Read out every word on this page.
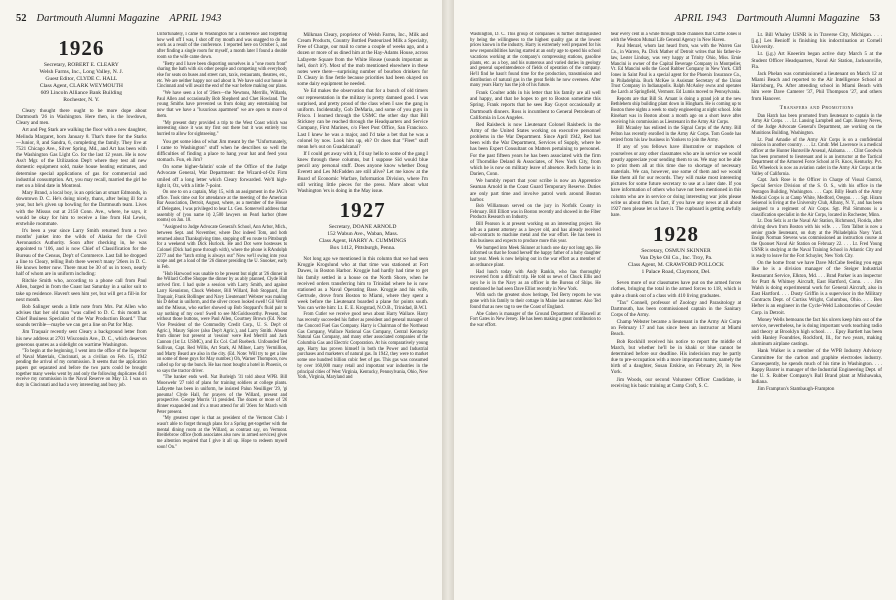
52 Dartmouth Alumni Magazine APRIL 1943
1926
Secretary, ROBERT E. CLEARY
Welsh Farms, Inc., Long Valley, N. J.
Guest Editor, CLYDE C. HALL
Class Agent, CLARK WEYMOUTH
609 Lincoln Alliance Bank Building
Rochester, N. Y.

Cleary thought there ought to be more dope about Dartmouth '26 in Washington. Here then, is the lowdown, Cleary and men.

Art and Peg Stark are walking the floor with a new daughter, Melinda Margaret, born January 8. That's three for the Starks —Junior, 8, and Sandra, 6, completing the family. They live at 7521 Chicago Ave., Silver Spring, Md., and Art has been with the Washington Gas Light Co. for the last 12 years. He is now Ass't Mgr. of the Utilization Dep't where they test all new domestic equipment sold, make house heating estimates, and determine special applications of gas for commercial and industrial consumption. Art, you may recall, married the girl he met on a blind date in Montreal.

Mary Brand, a local boy, is an optician at smart Edmonds, in downtown D. C. He's doing nicely, thanx, after being ill for a year, but he's given up bowling for the Dartmouth team. Lives with the Missus out at 2150 Conn. Ave., where, he says, it would be okay for him to receive a line from Hal Lewis, erstwhile roommate.

It's been a year since Larry Smith returned from a two months' junket into the wilds of Alaska for the Civil Aeronautics Authority. Soon after checking in, he was appointed to '106, and is now Chief of Classification for the Bureau of the Census, Dep't of Commerce. Last fall he dropped a line to Cleary, telling Bob there weren't many '26ers in D. C. He knows better now. There must be 30 of us in town, nearly half of whom are in uniform including:

Ritchie Smith who, according to a phone call from Paul Allen, barged in from the Coast last Saturday in a sailor suit to take up residence. Haven't seen him yet, but will get a fill-in for next month.

Bob Salinger sends a little note from Mrs. Pat Allen who advises that her old man "was called to D. C. this month as Chief Business Specialist of the War Production Board." That sounds terrible—maybe we can get a line on Pat for May.

Jim Traquair recently sent Cleary a background letter from his new address at 2701 Wisconsin Ave., D. C., which deserves generous quotes as a sidelight on wartime Washington.

"To begin at the beginning, I went into the office of the Inspector of Naval Materials, Cincinnati, as a civilian on Feb. 15, 1942 pending the arrival of my commission. It seems that the application papers got separated and before the two parts could be brought together many weeks went by and only the following duplicates did I receive my commission in the Naval Reserve on May 13. I was on duty in Cincinnati and had a very interesting and busy job.

Unfortunately, I came to Washington for a conference and forgetting how well off I was, I shot off my mouth and was snagged to do the work as a result of the conference. I reported here on October 5, and after finding a single room for myself, a month later I found a double room so the wife came down.

"Betty and I have been disporting ourselves in a "one room front" sharing the bath with six other people and competing with everybody else for seats on buses and street cars, taxis, restaurants, theatres, etc., etc. We are neither happy nor sad about it. We have sold our house in Cincinnati and will await the end of the war before making our plans.

"We have seen a lot of '26ers—the Newtons, Merrills, Willards, Paul Allen and occasionally Bob Shepherd and Chet Howland. The young Smiths have prevented us from doing any entertaining but now that we have a "luxurious apartment" we are open to more of them.

"My present duty provided a trip to the West Coast which was interesting since it was my first out there but it was entirely too hurried to allow for sightseeing."

You get some idea of what Jim meant by the "Unfortunately, I came to Washington" stuff when he describes so well the difficulties of finding a place to hang your hat and feed your stomach. Fun, eh Jim?

On some higher-falutin' scale of the Office of the Judge Advocate General, War Department: the Wizard-of-Oz Firm smiled off a long letter which Cleary forwarded. We'll high-light it, Oz, with a little 7-point.

On one to on a captain, May 15, with an assignment in the JAG's office. Took time out for attendance at the meeting of the American Bar Association, Detroit, August, where, as a member of the House of Delegates, I was privileged to hear Lt. Gen. Somervell address that assembly of (you name it) 2,500 lawyers on Pearl harbor (three rooms) on Jan. 18.

"Assigned to Judge Advocate General's School, Ann Arbor, Mich., between Sept. and November, where Doc indeed Tom, and both returned about Thanksgiving time, stopping off en route to Pittsburgh for a weekend with Dick Hurlock. He and Dot were hostesses to Colonel (Dick had gone through with), where the phone is RAndolph 2277 and the "latch string is always out" Now we'll swing into your scope and get a load of the '26 dinner presiding the U. Snooker, early in Feb.

"Hub Harwood was unable to be present but night at '26 dinner in the Willard Coffee Shoppe the dinner by as ably planned, Clyde Hall arrived first. I had quite a session with Larry Smith, and against Larry Kenniston, Chuck Webster, Bill Willard, Bob Stoppard, Jim Traquair, Frank Bollinger and Navy Lieutenant! Webster was making his D debut in uniform, and the silver crown looked swell! Gil Verrill and the Missus, who earlier showed up Bob Stoppard's fluid pair to say nothing of my own! Swell to see McGoldsworthy. Present, but without those buttons, were Paul Allen, Courtney Brown (Ed. Note: Vice President of the Commodity Credit Corp., U. S. Dep't of Agric.), Maury Spicer (also Dep't Agric.), and Larry Smith. Absent from dinner but present at 'cession' were Red Merrill and Jack Cannon (1st Lt. USMC), and Ex Col. Carl Ruebeck. Unfounded Ted Sullivan, Capt. Red Willis, Art Stark, Al Milner, Larry Vermillion, and Marty Beard are also in the city. (Ed. Note: Will try to get a line on some of these guys for May number.) Oh, Warner Thompson, now called up for up the bunch. He has most bought a hotel in Phoenix, or so says the tractor driver.

"The banker ends well. Nat Burleigh '31 told about WPB. Bill Mooswehr '27 told of plans for training soldiers at college plants. Lafayette has been in uniform, he insisted Palun Neuilliger '29, 'gi pneuma! Clyde Hall, for prayers of the Willard, present and prospective. George Morris '11 presided. The dozen or more of '26 dinner exapanded and it's a must attend for all '26ers for March with Peter present.

"My greatest raper is that as president of the Vermont Club I wasn't able to forget through plans for a Spring get-together with the mental dining room at the Willard, as contrast say, on Vermont. Breitlebrow office (both associates also now in armed services) gives me altention required that I give it all up. Hope to redeem myself soon! On."

Milkman Cleary, proprietor of Welsh Farms, Inc., Milk and Cream Products, Country Bottled Pasteurized Milk a Specialty, Free of Charge, our mail to come a couple of weeks ago, and a dozen or more of us dined him at the Hay-Adams House, across Lafayette Square from the White House (sounds important as hell, don't it?). Most of the mob mentioned elsewhere in these notes were there—surprising number of bourbon drinkers for D. Cleary in fine fettle because priorities had been okayed on some dairy equipment he needed.

Ye Ed makes the observation that for a bunch of old timers our representation in the military is pretty damned good. I was surprised, and pretty proud of the class when I saw the gang in uniform. Incidentally, Gob DeMaria, and some of you guys in Frisco. I learned through the USMC the other day that Bill Stickney can be reached through the Headquarters and Service Company, First Marines, c/o Fleet Post Office, San Francisco. Last I knew he was a major, and I'd take a bet that he was a colonel by now. Look him up, eh? Or does that "Fleet" stuff mean he's out on Guadalcanal?

If I could get away with it, I'd say hello to some of the gang I knew through these columns, but I suppose Sid would blue pencil any personal stuff. Does anyone know whether Doug Everett and Les McFadden are still alive? Let me know at the Board of Economic Warfare, Information Division, where I'm still writing little pieces for the press. More about what Washington 'ers is doing in the May issue.

1927
Secretary, DOANE ARNOLD
152 Wabun Ave., Waban, Mass.
Class Agent, HARRY A. CUMMINGS
Box 1412, Pittsburgh, Penna.

Not long ago we mentioned in this column that we had seen Kroggie Krogslund who at that time was stationed at Fort Dawes, in Boston Harbor. Kroggie had hardly had time to get his family settled in a house on the North Shore, when he received orders transferring him to Trinidad where he is now stationed as a Naval Operating Base. Kroggie and his wife, Gertrude, drove from Boston to Miami, where they spent a week before the Lieutenant boarded a plane for points south. You can write him: Lt. E. E. Krogstad, N.O.B., Trinidad, B.W.I.

From Cutler we receive good news about Harry Wallace. Harry has recently succeeded his father as president and general manager of the Concord Fuel Gas Company. Harry is Chairman of the Northeast Gas Company, Wallace National Gas Company, Central Kentucky Natural Gas Company, and many other associated companies of the Columbia Gas and Electric Corporation. At his comparatively young age, Harry has proven himself in both the Power and Industrial purchases and marketers of natural gas. In 1942, they were to market some one hundred billion cubic feet of gas. This gas was consumed by over 160,000 many retail and important war industries in the principal cities of West Virginia, Kentucky, Pennsylvania, Ohio, New York, Virginia, Maryland and

APRIL 1943 Dartmouth Alumni Magazine 53

Washington, D. C. This group of companies is further distinguished by being the willingness to the highest quality gas at the lowest prices known in the industry. Harry is extremely well prepared for his new responsibilities having started at an early age to spend his school vacations working at the company's compressing stations, gasoline plants, etc. as a boy, and his numerous and varied duties in geology and general superintendence of fields of operation of the company. He'll find he hasn't found time for the production, transmission and distribution of natural gas in the great fields he now oversees. After many years Harry has the job of his future.

Frank Coulter adds in his letter that his family are all well and happy, and that he hopes to get to Boston sometime this Spring. Frank reports that he sees Ray Guyot occasionally at Dartmouth dinners. Ross is incumbent to General Petroleum of California in Los Angeles.

Red Raisbeck is now Lieutenant Colonel Raisbeck in the Army of the United States working on executive personnel problems in the War Department. Since April 1942, Red has been with the War Department, Services of Supply, where he has been Expert Consultant on Matters pertaining to personnel. For the past fifteen years he has been associated with the firm of Thorndike Deland & Associates, of New York City, from which he is now on military leave of absence. Red's home is in Darien, Conn.

We humbly report that your scribe is now an Apprentice Seaman Arnold in the Coast Guard Temporary Reserve. Duties are only part time and involve patrol work around Boston harbor.

Bob Williamson served on the jury in Norfolk County in February. Bill Elliott was in Boston recently and showed in the Fiber Products Research on Industry.

Bill Pearson is at present working on an interesting project. He left as a patent attorney as a lawyer old, and has already received sub-contracts to machine metal and the war effort. He has been in this business and expects to produce more this year.

We bumped into Meek Skinner at lunch one day not long ago. He informed us that he found herself the happy father of a baby daughter last year. Meek is now helping out in the war effort as a member of an ordnance plant.

Had lunch today with Andy Rankin, who has thoroughly recovered from a difficult trip. He told us news of Chuck Ellis and says he is in the Navy as an officer in the Bureau of Ships. He mentioned he had seen Dave Elliot recently in New York.

With such the greatest show heritage, Ted Berry reports he was gone with his family to their cottage in Maine last summer. Also Ted found that as new tag to see the Coast of England.

Abe Cohen is manager of the Ground Department of Haswell at Fort Gates in New Jersey. He has been making a great contribution to the war effort.

hear every cent in a while through trade channels that Cliffie Jones is with the Weston Mutual Life General Agency in New Haven.

Paul Menzel, whom last heard from, was with the Warren Gas Co., in Warren, Pa. Dick Mather of Detroit writes that his father-in-law, Lester Lindsay, was very happy at Trinity Ohio, Miss. Ernie Mancini is owner of the Capital Beverage Company in Montpelier, Vt. Ed Mancini sells the Good Rubber Company in New York. Cliff Jones in Saint Paul is a special agent for the Phoenix Insurance Co., in Philadelphia. Buck McKee is Assistant Secretary of the Union Trust Company in Indianapolis. Ralph McAuley owns and operates the Larch at Springfield, Vermont. Ed Lumis moved to Pennsylvania.

Reports are that Bill St. Amant is doing a grand job at the new Bethlehem ship building plant down in Hingham. He is coming up to Boston three nights a week to study engineering at night school. John Rinehart was in Boston about a month ago on a short leave after receiving his commission as Lieutenant in the Army Air Corps.

Bill Mcauley has enlisted in the Signal Corps of the Army. Bill Pelton has recently enrolled in the Army Air Corps. Tom Goode has retired from his law business in Yonkers to join the Army.

If any of you fellows have illustrative or mapshots of yourselves or any other classmates who are in service we would greatly appreciate your sending them to us. We may not be able to print them all at this time due to shortage of necessary materials. We can, however, use some of them and we would like them all for our records. They will make most interesting pictures for some future secretary to use at a later date. If you have information of others who have not been mentioned in this column who are in service or doing interesting war jobs please write us about them. In fact, if you have any news at all about 1927 men please let us have it. The cupboard is getting awfully bare.

1928
Secretary, OSMUN SKINNER
Van Dyke Oil Co., Inc. Troy, Pa.
Class Agent, M. CRAWFORD POLLOCK
1 Palace Road, Claymont, Del.

Seven more of our classmates have put on the armed forces clothes, bringing the total in the armed forces to 118, which is quite a chunk out of a class with 410 living graduates.

"Tax" Connell, professor of Zoology and Parasitology at Dartmouth, has been commissioned captain in the Sanitary Corps of the Army.

Champ Webster became a lieutenant in the Army Air Corps on February 17 and has since been an instructor at Miami Beach.

Bob Rockhill received his notice to report the middle of March, but whether he'll be in khaki or blue cannot be determined before our deadline. His indecision may be partly due to pre-occupation with a more important matter, namely the birth of a daughter, Susan Erskine, on February 28, in New York.

Jim Woods, our second Volunteer Officer Candidate, is receiving his basic training at Camp Croft, S. C.

Lt. Bill Whaley USNR is in Traverse City, Michigan. . . . [j.g.] Les Benioff is finishing his indoctrination at Cornell University.

Lt. (j.g.) Art Kneerim began active duty March 5 at the Student Officer Headquarters, Naval Air Station, Jacksonville, Fla.

Jack Phelan was commissioned a lieutenant on March 12 at Miami Beach and reported to the Air Intelligence School at Harrisburg, Pa. After attending school in Miami Beach with him were Dave Camerer '37, Phil Thompson '27, and others from Hanover.

Transfers and Promotions

Dan Hatch has been promoted from lieutenant to captain in the Army Air Corps. . . . Lt. Lansing Lampbell and Capt. Barney Neves, of the Judge Advocate General's Department, are working on the Munitions Building, Washington.

Lt. Paul Amadie of the Army Air Corps is on a confidential mission in another country. . . . Lt. Cmdr. Mel Lawrence is a medical officer at the Hunter Huntsville Arsenal, Alabama. . . . Clint Goodwin has been promoted to lieutenant and is an instructor at the Tactical Department of the Armored Force School at Ft. Knox, Kentucky. Pvt. Ed. Wheelock is now an aviation cadet in the Army Air Corps at the Valley of California.

Capt. Jack Rose is the Officer in Charge of Visual Control, Special Service Division of the S. O. S., with his office in the Pentagon Building, Washington. . . . Capt. Billy Heath of the Army Medical Corps is at Camp White, Medford, Oregon. . . . Sgt. Hiram Seisenol is living at the University Club, Albany, N. Y., and has been assigned to a regiment of Air Corps. Sgt. Phil Simmons is a classification specialist in the Air Corps, located in Rochester, Minn.

Lt. Don Selz is at the Naval Air Station, Richmond, Florida, after driving down from Boston with his wife. . . . Tom Talbot is now a senior grade lieutenant, on duty at the Philadelphia Navy Yard. Ensign Norman Stevens was commissioned an instruction course at the Quonset Naval Air Station on February 22. . . . Lt. Fred Young USNR is studying at the Naval Training School in Atlantic City and is ready to leave for the Fort Schuyler, New York City.

On the home front we have Dave McCabe feeding you eggs like he is a division manager of the Steiger Industrial Restaurant Service, Elkton, Md. . . . Brad Parker is an inspector for Pratt & Whitney Aircraft, East Hartford, Conn. . . . Jim Walsh is doing experimental work for General Aircraft, also in East Hartford. . . . Dusty Griffin is a supervisor in the Military Contracts Dept. of Curtiss Wright, Columbus, Ohio. . . . Ben Hefter is an engineer in the Cycle-Weld Laboratories of Cessler Corp. in Detroit.

Money Wells bemoans the fact his ulcers keep him out of the service, nevertheless, he is doing important work teaching radio and theory at Brooklyn high school. . . . Epsy Bartlett has been with Hanley Foundries, Rockford, Ill., for two years, making aluminum airplane castings.

Hank Walker is a member of the WPB Industry Advisory Committee for the carbon and graphite electrodes industry. Consequently, he spends much of his time in Washington. . . . Rappy Baxter is manager of the Industrial Engineering Dept. of the U. S. Rubber Company's Ball Brand plant at Mishawaka, Indiana.

Jim Frampton's Stambaugh-Frampton
